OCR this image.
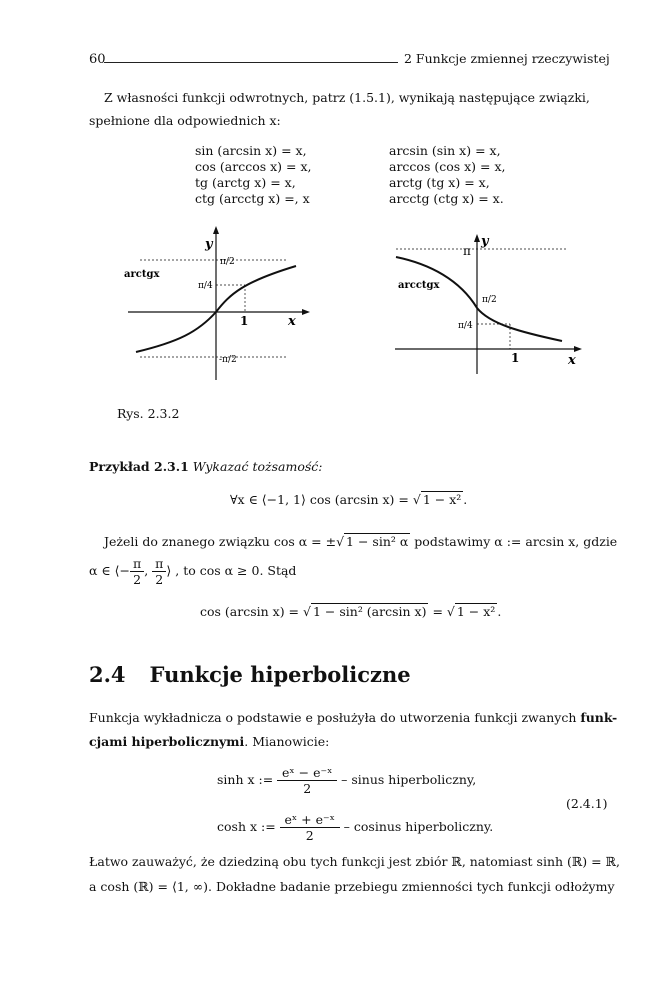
60	2 Funkcje zmiennej rzeczywistej
Z własności funkcji odwrotnych, patrz (1.5.1), wynikają następujące związki,
spełnione dla odpowiednich x:
sin (arcsin x) = x,
cos (arccos x) = x,
tg (arctg x) = x,
ctg (arcctg x) =, x
arcsin (sin x) = x,
arccos (cos x) = x,
arctg (tg x) = x,
arcctg (ctg x) = x.
arctgx
y
x
1
π/2
π/4
-π/2
arcctgx
y
x
1
π
π/2
π/4
Rys. 2.3.2
Przykład 2.3.1 Wykazać tożsamość:
∀x ∈ ⟨−1, 1⟩ cos (arcsin x) = √ 1 − x² .
Jeżeli do znanego związku cos α = ±√ 1 − sin² α podstawimy α := arcsin x, gdzie
α ∈ ⟨− $\frac{\pi}{2}$ , $\frac{\pi}{2}$ ⟩ , to cos α ≥ 0. Stąd
cos (arcsin x) = √ 1 − sin² (arcsin x) = √ 1 − x² .
2.4 Funkcje hiperboliczne
Funkcja wykładnicza o podstawie e posłużyła do utworzenia funkcji zwanych funk-
cjami hiperbolicznymi. Mianowicie:
sinh x := $\frac{\text{eˣ − e⁻ˣ}}{2}$ – sinus hiperboliczny,
cosh x := $\frac{\text{eˣ + e⁻ˣ}}{2}$ – cosinus hiperboliczny.
(2.4.1)
Łatwo zauważyć, że dziedziną obu tych funkcji jest zbiór ℝ, natomiast sinh (ℝ) = ℝ,
a cosh (ℝ) = ⟨1, ∞). Dokładne badanie przebiegu zmienności tych funkcji odłożymy
